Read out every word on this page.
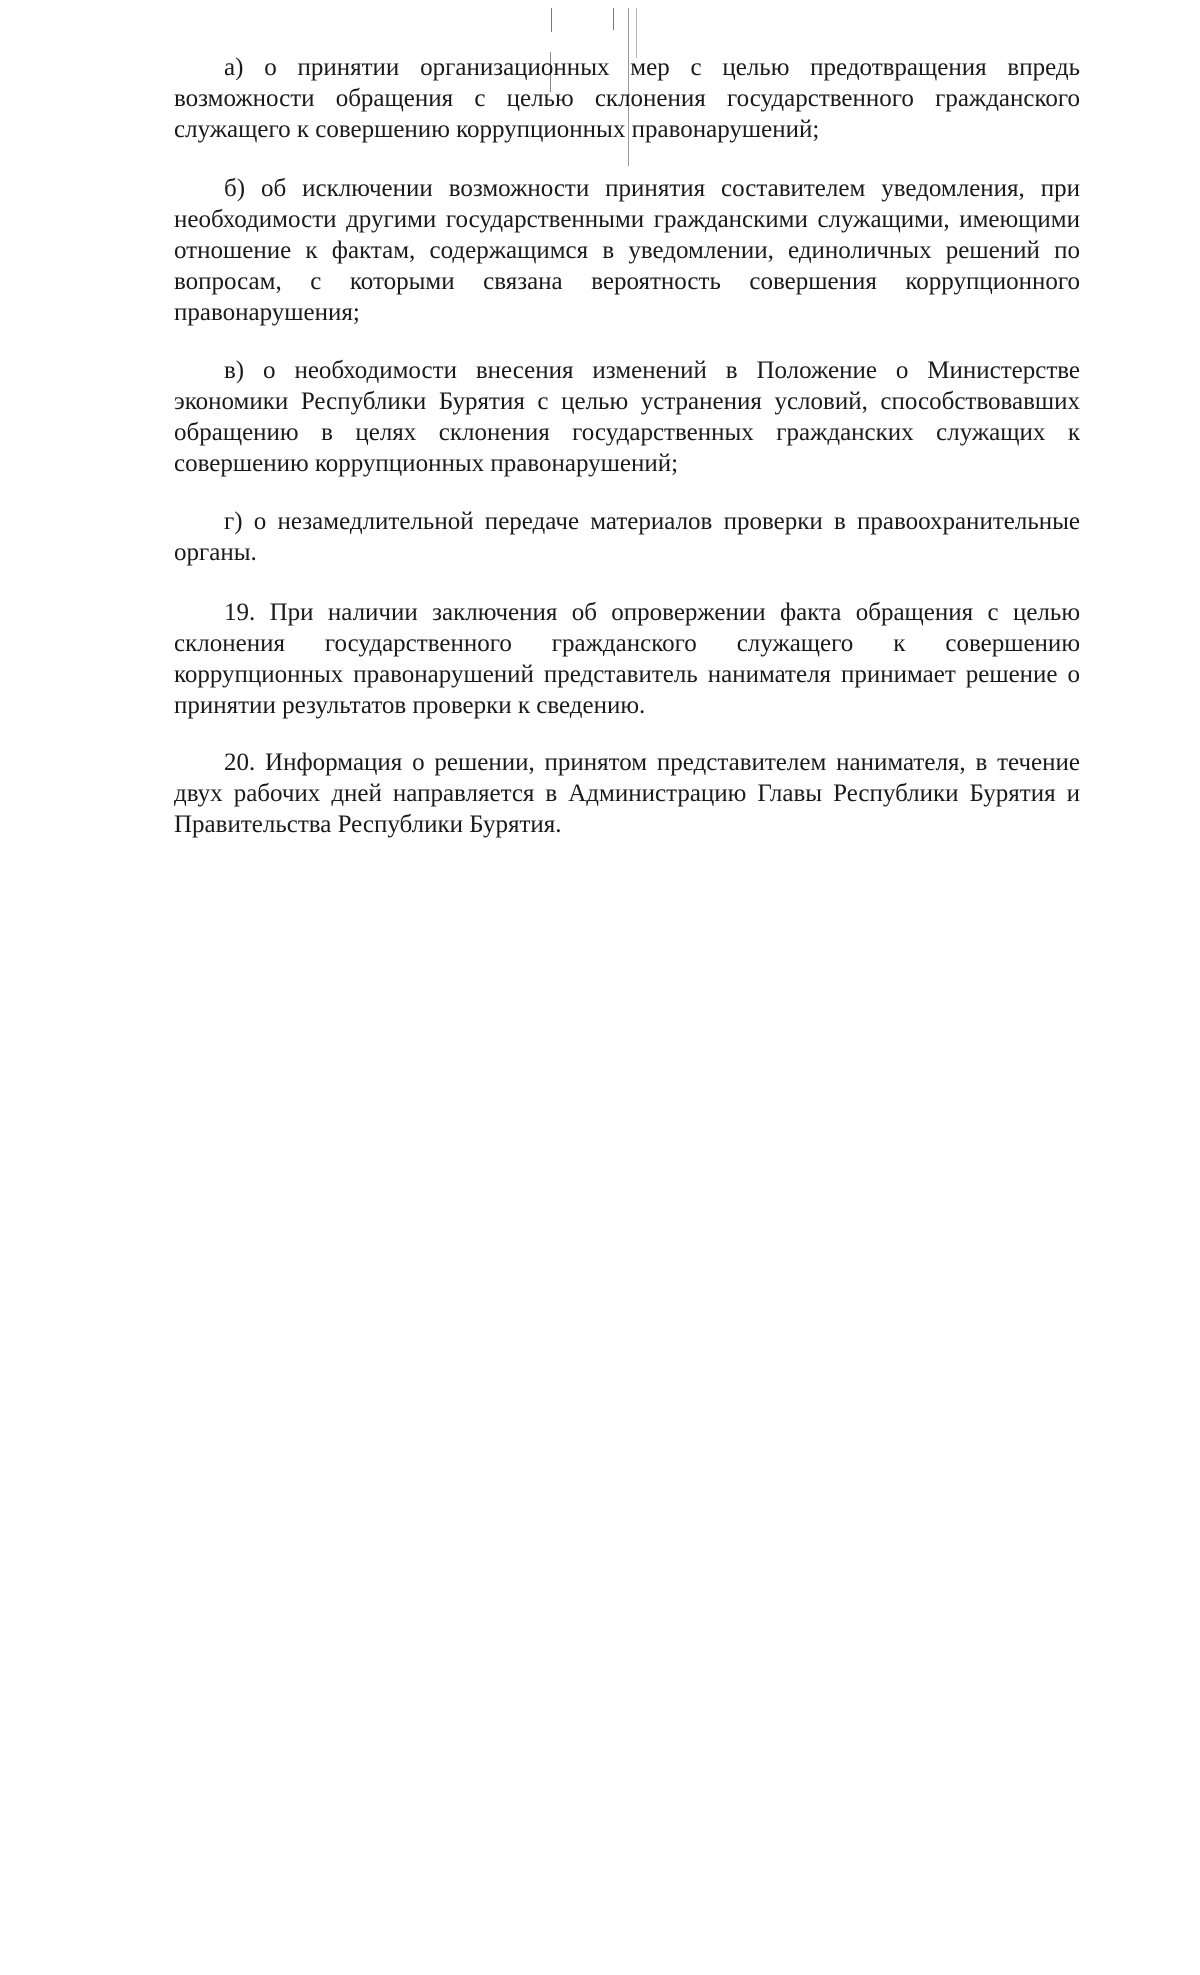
а) о принятии организационных мер с целью предотвращения впредь возможности обращения с целью склонения государственного гражданского служащего к совершению коррупционных правонарушений;

б) об исключении возможности принятия составителем уведомления, при необходимости другими государственными гражданскими служащими, имеющими отношение к фактам, содержащимся в уведомлении, единоличных решений по вопросам, с которыми связана вероятность совершения коррупционного правонарушения;

в) о необходимости внесения изменений в Положение о Министерстве экономики Республики Бурятия с целью устранения условий, способствовавших обращению в целях склонения государственных гражданских служащих к совершению коррупционных правонарушений;

г) о незамедлительной передаче материалов проверки в правоохранительные органы.

19. При наличии заключения об опровержении факта обращения с целью склонения государственного гражданского служащего к совершению коррупционных правонарушений представитель нанимателя принимает решение о принятии результатов проверки к сведению.

20. Информация о решении, принятом представителем нанимателя, в течение двух рабочих дней направляется в Администрацию Главы Республики Бурятия и Правительства Республики Бурятия.
